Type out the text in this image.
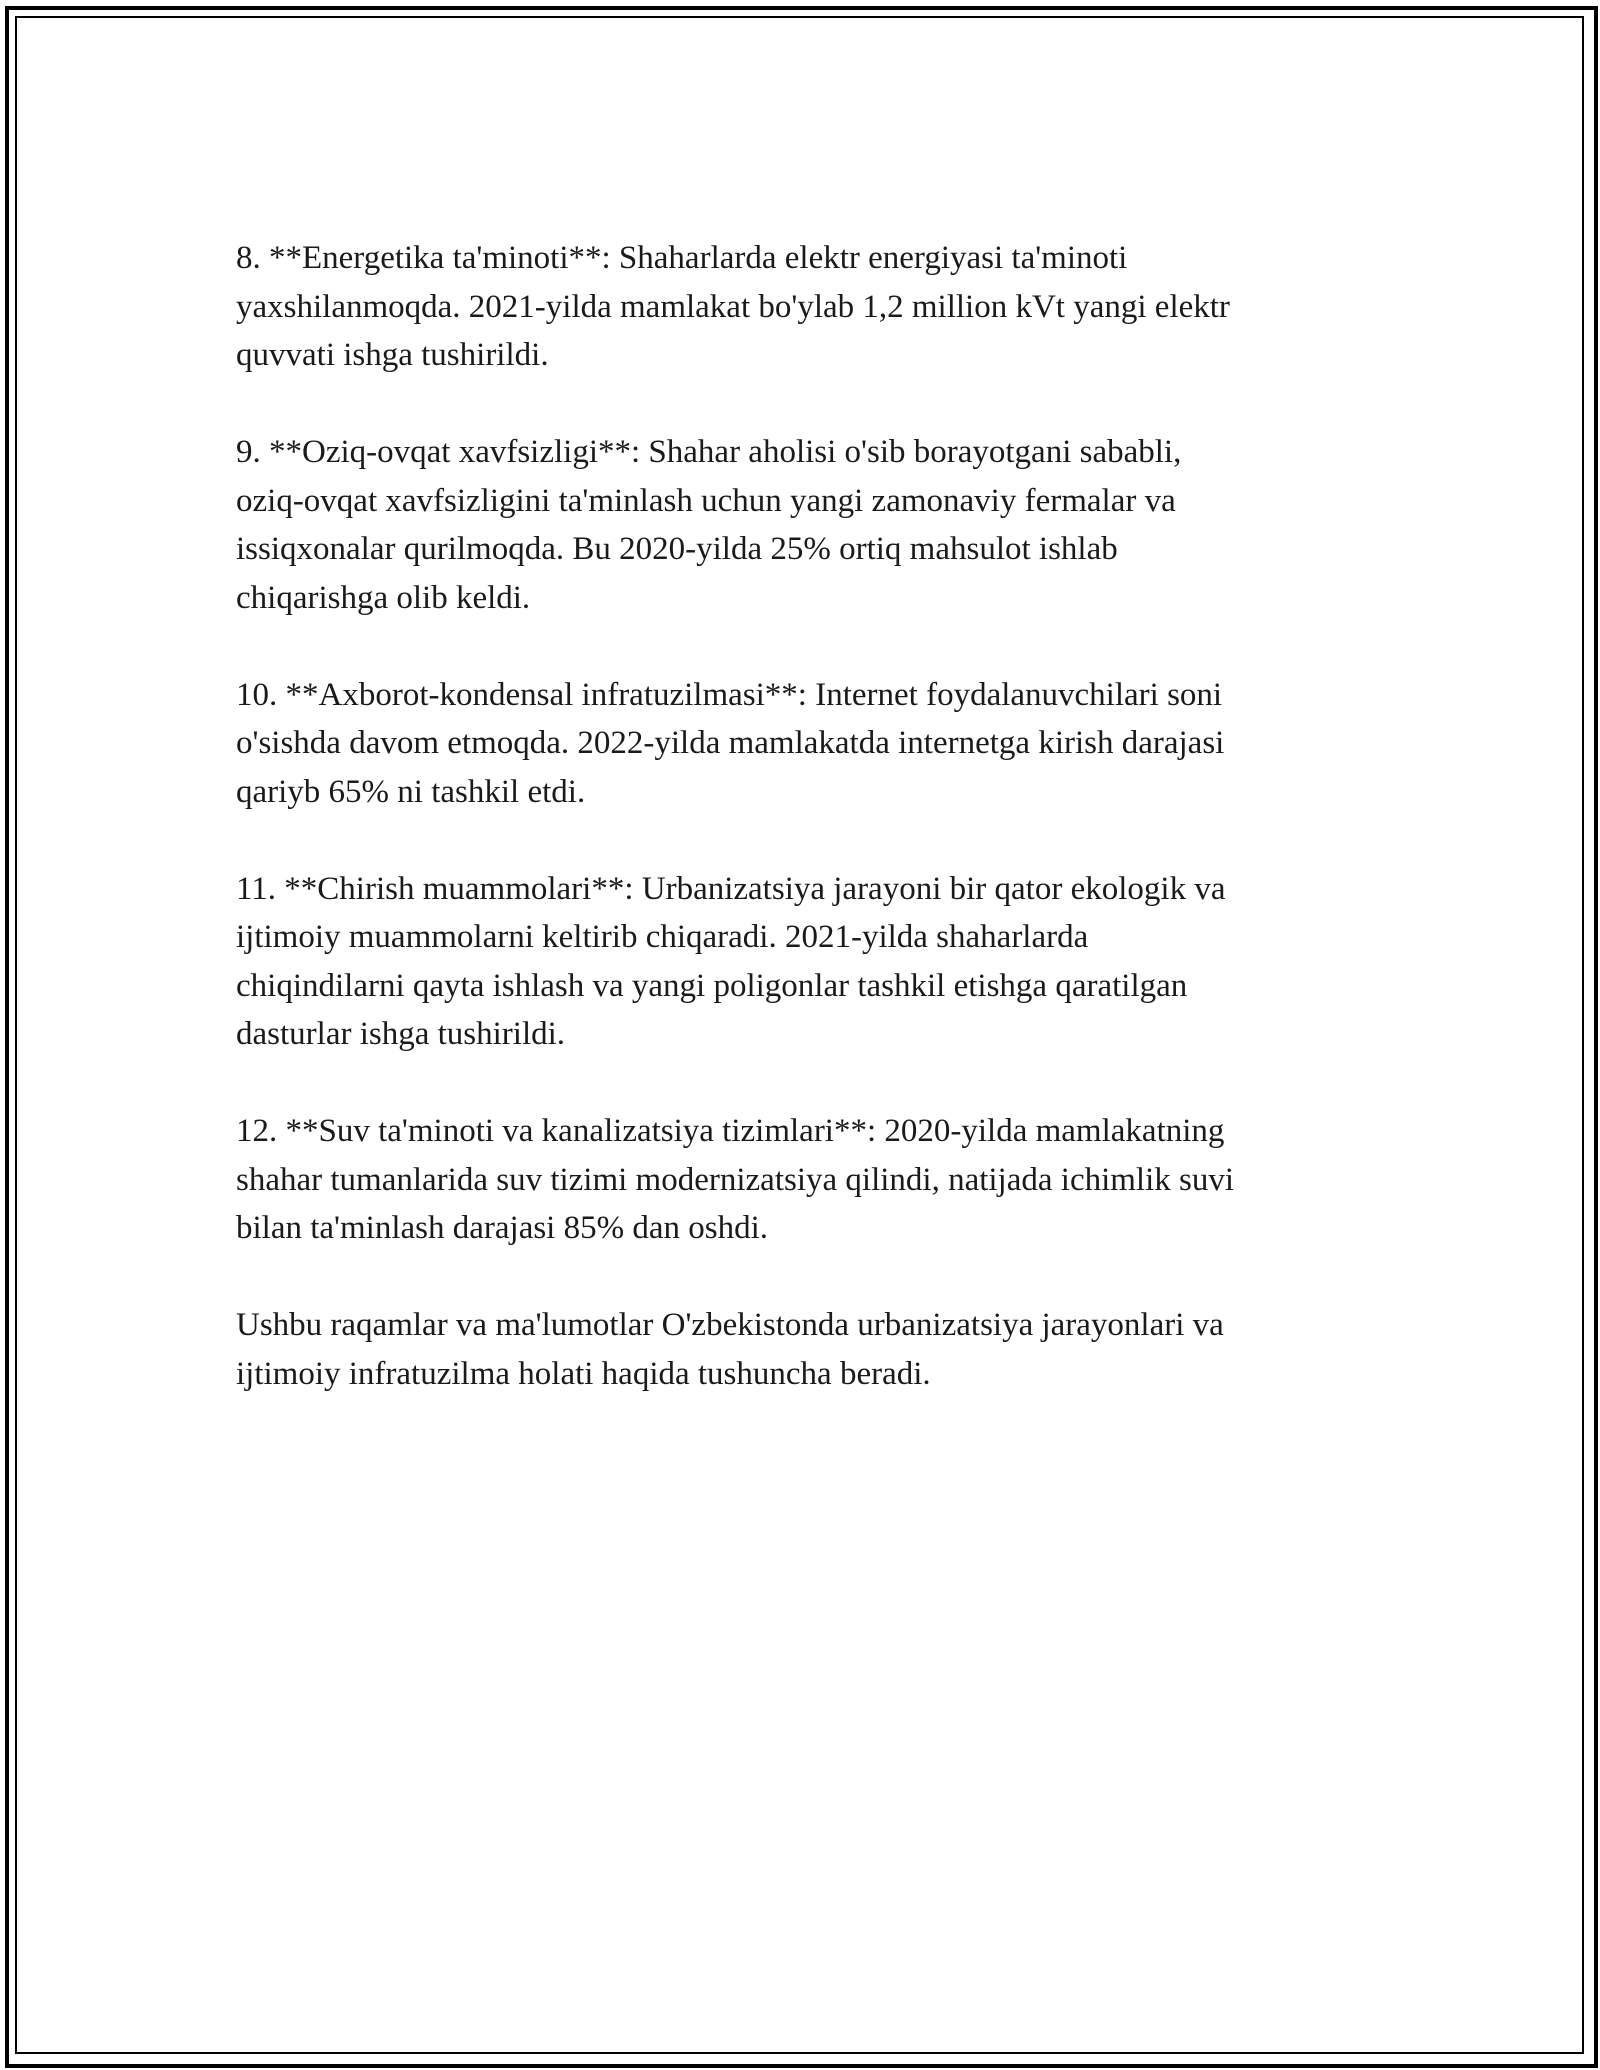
8. **Energetika ta'minoti**: Shaharlarda elektr energiyasi ta'minoti
yaxshilanmoqda. 2021-yilda mamlakat bo'ylab 1,2 million kVt yangi elektr
quvvati ishga tushirildi.

9. **Oziq-ovqat xavfsizligi**: Shahar aholisi o'sib borayotgani sababli,
oziq-ovqat xavfsizligini ta'minlash uchun yangi zamonaviy fermalar va
issiqxonalar qurilmoqda. Bu 2020-yilda 25% ortiq mahsulot ishlab
chiqarishga olib keldi.

10. **Axborot-kondensal infratuzilmasi**: Internet foydalanuvchilari soni
o'sishda davom etmoqda. 2022-yilda mamlakatda internetga kirish darajasi
qariyb 65% ni tashkil etdi.

11. **Chirish muammolari**: Urbanizatsiya jarayoni bir qator ekologik va
ijtimoiy muammolarni keltirib chiqaradi. 2021-yilda shaharlarda
chiqindilarni qayta ishlash va yangi poligonlar tashkil etishga qaratilgan
dasturlar ishga tushirildi.

12. **Suv ta'minoti va kanalizatsiya tizimlari**: 2020-yilda mamlakatning
shahar tumanlarida suv tizimi modernizatsiya qilindi, natijada ichimlik suvi
bilan ta'minlash darajasi 85% dan oshdi.

Ushbu raqamlar va ma'lumotlar O'zbekistonda urbanizatsiya jarayonlari va
ijtimoiy infratuzilma holati haqida tushuncha beradi.
